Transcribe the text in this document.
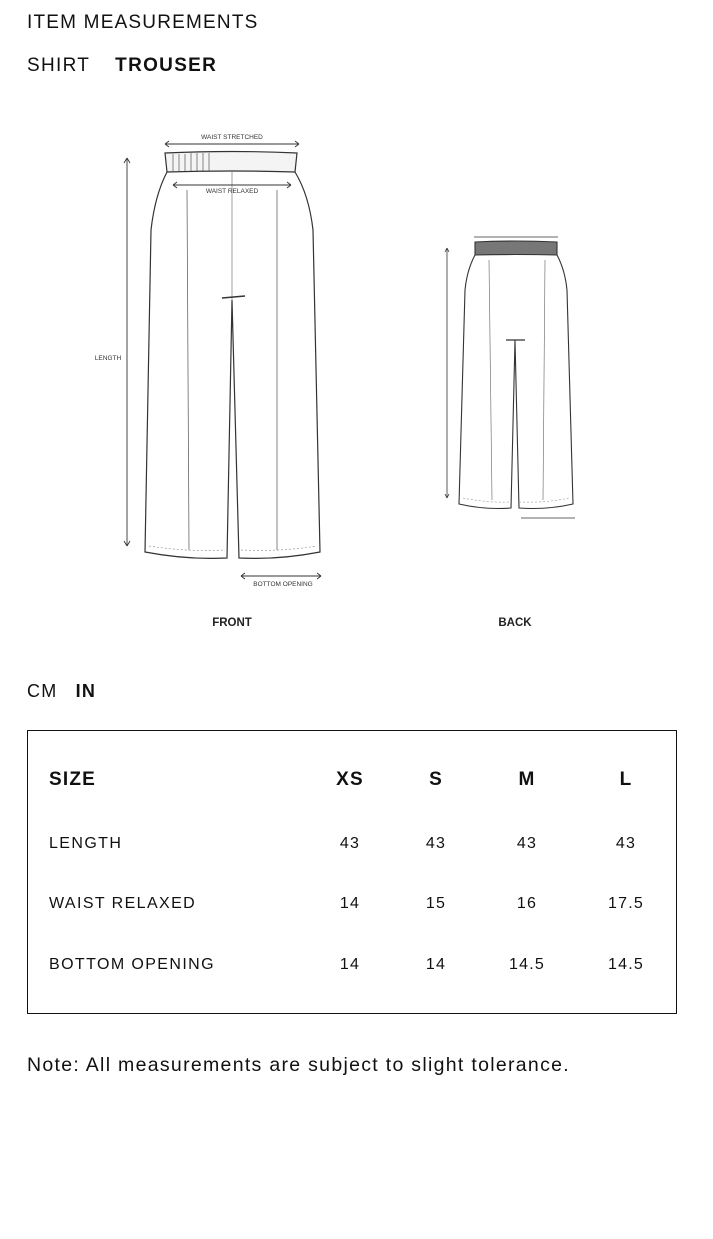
ITEM MEASUREMENTS
SHIRT TROUSER
WAIST STRETCHED
WAIST RELAXED
LENGTH
BOTTOM OPENING
FRONT	BACK
CM IN
SIZE	XS	S	M	L
LENGTH	43	43	43	43
WAIST RELAXED	14	15	16	17.5
BOTTOM OPENING	14	14	14.5	14.5
Note: All measurements are subject to slight tolerance.
